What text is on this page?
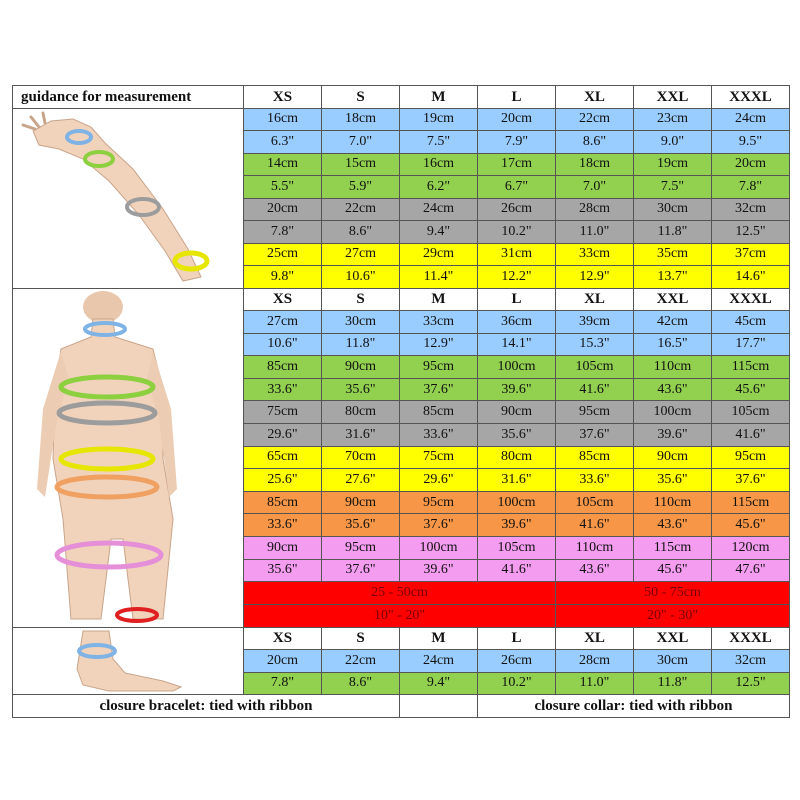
guidance for measurement	XS	S	M	L	XL	XXL	XXXL

	16cm	18cm	19cm	20cm	22cm	23cm	24cm
	6.3"	7.0"	7.5"	7.9"	8.6"	9.0"	9.5"
	14cm	15cm	16cm	17cm	18cm	19cm	20cm
	5.5"	5.9"	6.2"	6.7"	7.0"	7.5"	7.8"
	20cm	22cm	24cm	26cm	28cm	30cm	32cm
	7.8"	8.6"	9.4"	10.2"	11.0"	11.8"	12.5"
	25cm	27cm	29cm	31cm	33cm	35cm	37cm
	9.8"	10.6"	11.4"	12.2"	12.9"	13.7"	14.6"

	XS	S	M	L	XL	XXL	XXXL
	27cm	30cm	33cm	36cm	39cm	42cm	45cm
	10.6"	11.8"	12.9"	14.1"	15.3"	16.5"	17.7"
	85cm	90cm	95cm	100cm	105cm	110cm	115cm
	33.6"	35.6"	37.6"	39.6"	41.6"	43.6"	45.6"
	75cm	80cm	85cm	90cm	95cm	100cm	105cm
	29.6"	31.6"	33.6"	35.6"	37.6"	39.6"	41.6"
	65cm	70cm	75cm	80cm	85cm	90cm	95cm
	25.6"	27.6"	29.6"	31.6"	33.6"	35.6"	37.6"
	85cm	90cm	95cm	100cm	105cm	110cm	115cm
	33.6"	35.6"	37.6"	39.6"	41.6"	43.6"	45.6"
	90cm	95cm	100cm	105cm	110cm	115cm	120cm
	35.6"	37.6"	39.6"	41.6"	43.6"	45.6"	47.6"
	25 - 50cm				50 - 75cm		
	10" - 20"				20" - 30"		

	XS	S	M	L	XL	XXL	XXXL
	20cm	22cm	24cm	26cm	28cm	30cm	32cm
	7.8"	8.6"	9.4"	10.2"	11.0"	11.8"	12.5"
closure bracelet: tied with ribbon				closure collar: tied with ribbon			
